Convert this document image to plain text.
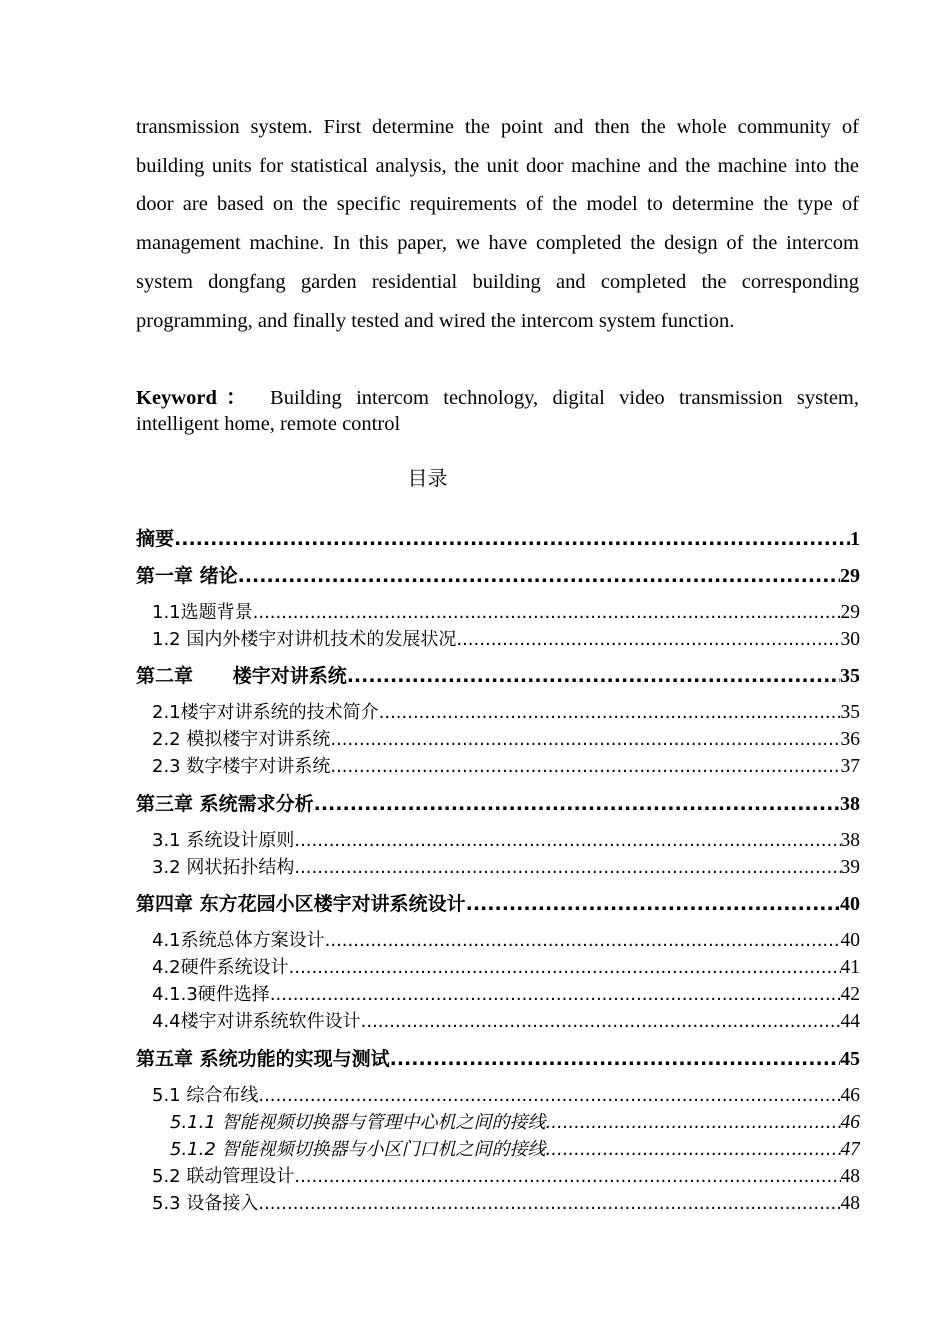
transmission system. First determine the point and then the whole community of building units for statistical analysis, the unit door machine and the machine into the door are based on the specific requirements of the model to determine the type of management machine. In this paper, we have completed the design of the intercom system dongfang garden residential building and completed the corresponding programming, and finally tested and wired the intercom system function.
Keyword： Building intercom technology, digital video transmission system, intelligent home, remote control
目录
摘要 .....	1
第一章 绪论 .....	29
1.1选题背景 .....	29
1.2 国内外楼宇对讲机技术的发展状况 .....	30
第二章      楼宇对讲系统 .....	35
2.1楼宇对讲系统的技术简介 .....	35
2.2 模拟楼宇对讲系统 .....	36
2.3 数字楼宇对讲系统 .....	37
第三章 系统需求分析 .....	38
3.1 系统设计原则 .....	38
3.2 网状拓扑结构 .....	39
第四章 东方花园小区楼宇对讲系统设计 .....	40
4.1系统总体方案设计 .....	40
4.2硬件系统设计 .....	41
4.1.3硬件选择 .....	42
4.4楼宇对讲系统软件设计 .....	44
第五章 系统功能的实现与测试 .....	45
5.1 综合布线 .....	46
5.1.1 智能视频切换器与管理中心机之间的接线 .....	46
5.1.2 智能视频切换器与小区门口机之间的接线 .....	47
5.2 联动管理设计 .....	48
5.3 设备接入 .....	48
